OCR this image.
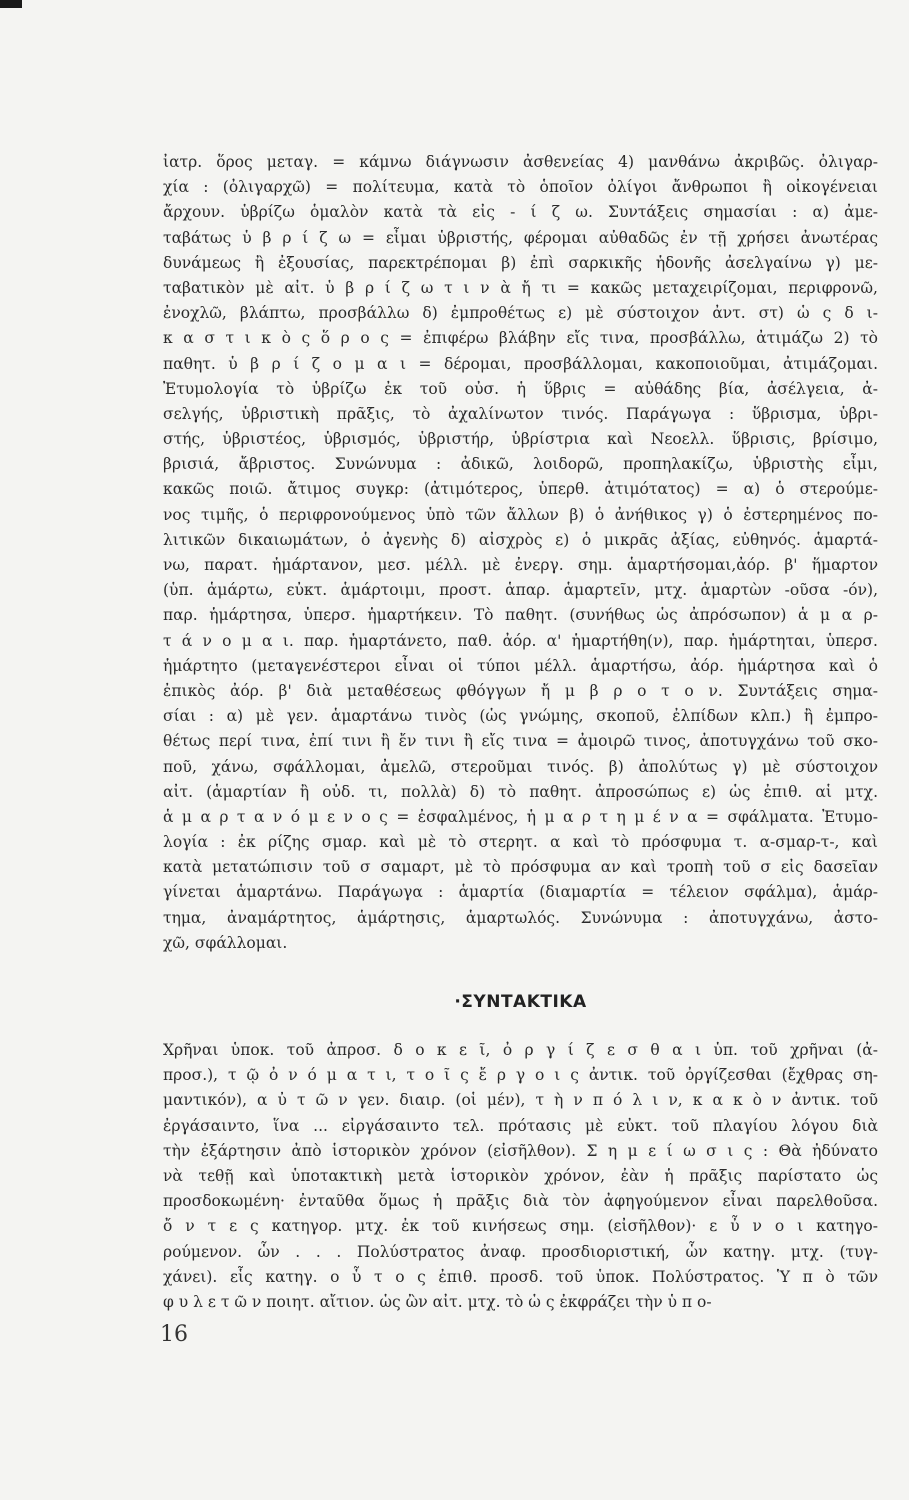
ἰατρ. ὅρος μεταγ. = κάμνω διάγνωσιν ἀσθενείας 4) μανθάνω ἀκριβῶς. ὀλιγαρ-
χία : (ὀλιγαρχῶ) = πολίτευμα, κατὰ τὸ ὁποῖον ὀλίγοι ἄνθρωποι ἢ οἰκογένειαι
ἄρχουν. ὑβρίζω ὁμαλὸν κατὰ τὰ εἰς - ί ζ ω. Συντάξεις σημασίαι : α) ἀμε-
ταβάτως ὑ β ρ ί ζ ω = εἶμαι ὑβριστής, φέρομαι αὐθαδῶς ἐν τῇ χρήσει ἀνωτέρας
δυνάμεως ἢ ἐξουσίας, παρεκτρέπομαι β) ἐπὶ σαρκικῆς ἡδονῆς ἀσελγαίνω γ) με-
ταβατικὸν μὲ αἰτ. ὑ β ρ ί ζ ω τ ι ν ὰ ἤ τι = κακῶς μεταχειρίζομαι, περιφρονῶ,
ἐνοχλῶ, βλάπτω, προσβάλλω δ) ἐμπροθέτως ε) μὲ σύστοιχον ἀντ. στ) ὡ ς δ ι-
κ α σ τ ι κ ὸ ς ὅ ρ ο ς = ἐπιφέρω βλάβην εἴς τινα, προσβάλλω, ἀτιμάζω 2) τὸ
παθητ. ὑ β ρ ί ζ ο μ α ι = δέρομαι, προσβάλλομαι, κακοποιοῦμαι, ἀτιμάζομαι.
Ἐτυμολογία τὸ ὑβρίζω ἐκ τοῦ οὐσ. ἡ ὕβρις = αὐθάδης βία, ἀσέλγεια, ἀ-
σελγής, ὑβριστικὴ πρᾶξις, τὸ ἀχαλίνωτον τινός. Παράγωγα : ὕβρισμα, ὑβρι-
στής, ὑβριστέος, ὑβρισμός, ὑβριστήρ, ὑβρίστρια καὶ Νεοελλ. ὕβρισις, βρίσιμο,
βρισιά, ἄβριστος. Συνώνυμα : ἀδικῶ, λοιδορῶ, προπηλακίζω, ὑβριστὴς εἶμι,
κακῶς ποιῶ. ἄτιμος συγκρ: (ἀτιμότερος, ὑπερθ. ἀτιμότατος) = α) ὁ στερούμε-
νος τιμῆς, ὁ περιφρονούμενος ὑπὸ τῶν ἄλλων β) ὁ ἀνήθικος γ) ὁ ἐστερημένος πο-
λιτικῶν δικαιωμάτων, ὁ ἀγενὴς δ) αἰσχρὸς ε) ὁ μικρᾶς ἀξίας, εὐθηνός. ἁμαρτά-
νω, παρατ. ἡμάρτανον, μεσ. μέλλ. μὲ ἐνεργ. σημ. ἁμαρτήσομαι,ἀόρ. β' ἥμαρτον
(ὑπ. ἁμάρτω, εὐκτ. ἁμάρτοιμι, προστ. ἁπαρ. ἁμαρτεῖν, μτχ. ἁμαρτὼν -οῦσα -όν),
παρ. ἡμάρτησα, ὑπερσ. ἡμαρτήκειν. Τὸ παθητ. (συνήθως ὡς ἀπρόσωπον) ἁ μ α ρ-
τ ά ν ο μ α ι. παρ. ἡμαρτάνετο, παθ. ἀόρ. α' ἡμαρτήθη(ν), παρ. ἡμάρτηται, ὑπερσ.
ἡμάρτητο (μεταγενέστεροι εἶναι οἱ τύποι μέλλ. ἁμαρτήσω, ἀόρ. ἡμάρτησα καὶ ὁ
ἐπικὸς ἀόρ. β' διὰ μεταθέσεως φθόγγων ἤ μ β ρ ο τ ο ν. Συντάξεις σημα-
σίαι : α) μὲ γεν. ἁμαρτάνω τινὸς (ὡς γνώμης, σκοποῦ, ἐλπίδων κλπ.) ἢ ἐμπρο-
θέτως περί τινα, ἐπί τινι ἢ ἔν τινι ἢ εἴς τινα = ἀμοιρῶ τινος, ἀποτυγχάνω τοῦ σκο-
ποῦ, χάνω, σφάλλομαι, ἀμελῶ, στεροῦμαι τινός. β) ἀπολύτως γ) μὲ σύστοιχον
αἰτ. (ἁμαρτίαν ἢ οὐδ. τι, πολλὰ) δ) τὸ παθητ. ἀπροσώπως ε) ὡς ἐπιθ. αἱ μτχ.
ἁ μ α ρ τ α ν ό μ ε ν ο ς = ἐσφαλμένος, ἡ μ α ρ τ η μ έ ν α = σφάλματα. Ἐτυμο-
λογία : ἐκ ρίζης σμαρ. καὶ μὲ τὸ στερητ. α καὶ τὸ πρόσφυμα τ. α-σμαρ-τ-, καὶ
κατὰ μετατώπισιν τοῦ σ σαμαρτ, μὲ τὸ πρόσφυμα αν καὶ τροπὴ τοῦ σ εἰς δασεῖαν
γίνεται ἁμαρτάνω. Παράγωγα : ἁμαρτία (διαμαρτία = τέλειον σφάλμα), ἁμάρ-
τημα, ἀναμάρτητος, ἁμάρτησις, ἁμαρτωλός. Συνώνυμα : ἀποτυγχάνω, ἀστο-
χῶ, σφάλλομαι.
·ΣΥΝΤΑΚΤΙΚΑ
Χρῆναι ὑποκ. τοῦ ἀπροσ. δ ο κ ε ῖ, ὀ ρ γ ί ζ ε σ θ α ι ὑπ. τοῦ χρῆναι (ἀ-
προσ.), τ ῷ ὀ ν ό μ α τ ι, τ ο ῖ ς ἔ ρ γ ο ι ς ἀντικ. τοῦ ὀργίζεσθαι (ἔχθρας ση-
μαντικόν), α ὐ τ ῶ ν γεν. διαιρ. (οἱ μέν), τ ὴ ν π ό λ ι ν, κ α κ ὸ ν ἀντικ. τοῦ
ἐργάσαιντο, ἵνα ... εἰργάσαιντο τελ. πρότασις μὲ εὐκτ. τοῦ πλαγίου λόγου διὰ
τὴν ἐξάρτησιν ἀπὸ ἱστορικὸν χρόνον (εἰσῆλθον). Σ η μ ε ί ω σ ι ς : Θὰ ἠδύνατο
νὰ τεθῇ καὶ ὑποτακτικὴ μετὰ ἱστορικὸν χρόνον, ἐὰν ἡ πρᾶξις παρίστατο ὡς
προσδοκωμένη· ἐνταῦθα ὅμως ἡ πρᾶξις διὰ τὸν ἀφηγούμενον εἶναι παρελθοῦσα.
ὄ ν τ ε ς κατηγορ. μτχ. ἐκ τοῦ κινήσεως σημ. (εἰσῆλθον)· ε ὖ ν ο ι κατηγο-
ρούμενον. ὧν . . . Πολύστρατος ἀναφ. προσδιοριστική, ὧν κατηγ. μτχ. (τυγ-
χάνει). εἷς κατηγ. ο ὗ τ ο ς ἐπιθ. προσδ. τοῦ ὑποκ. Πολύστρατος. Ὑ π ὸ τῶν
φ υ λ ε τ ῶ ν ποιητ. αἴτιον. ὡς ὢν αἰτ. μτχ. τὸ ὡ ς ἐκφράζει τὴν ὑ π ο-
16
